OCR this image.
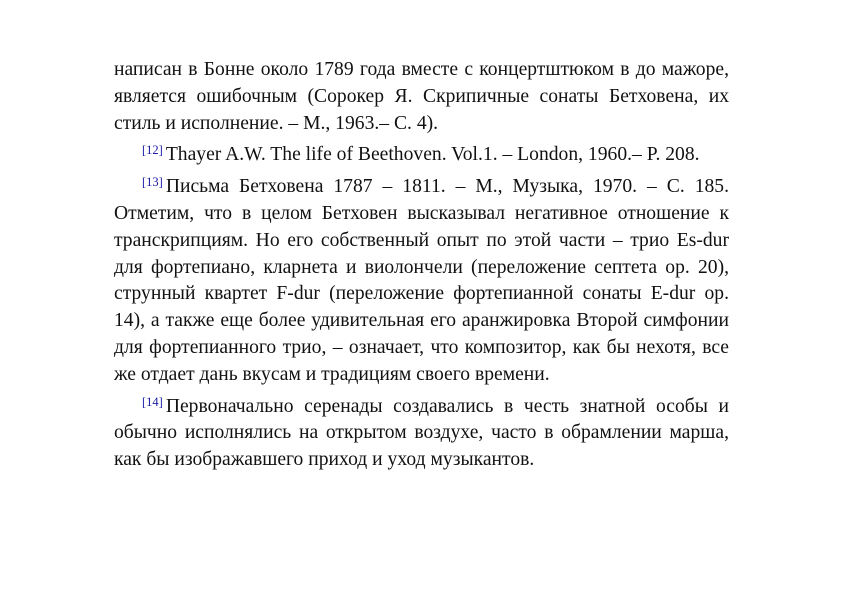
написан в Бонне около 1789 года вместе с концертштюком в до мажоре, является ошибочным (Сорокер Я. Скрипичные сонаты Бетховена, их стиль и исполнение. – М., 1963.– С. 4).

[12] Thayer A.W. The life of Beethoven. Vol.1. – London, 1960.– P. 208.

[13] Письма Бетховена 1787 – 1811. – М., Музыка, 1970. – С. 185. Отметим, что в целом Бетховен высказывал негативное отношение к транскрипциям. Но его собственный опыт по этой части – трио Es-dur для фортепиано, кларнета и виолончели (переложение септета ор. 20), струнный квартет F-dur (переложение фортепианной сонаты E-dur ор. 14), а также еще более удивительная его аранжировка Второй симфонии для фортепианного трио, – означает, что композитор, как бы нехотя, все же отдает дань вкусам и традициям своего времени.

[14] Первоначально серенады создавались в честь знатной особы и обычно исполнялись на открытом воздухе, часто в обрамлении марша, как бы изображавшего приход и уход музыкантов.
